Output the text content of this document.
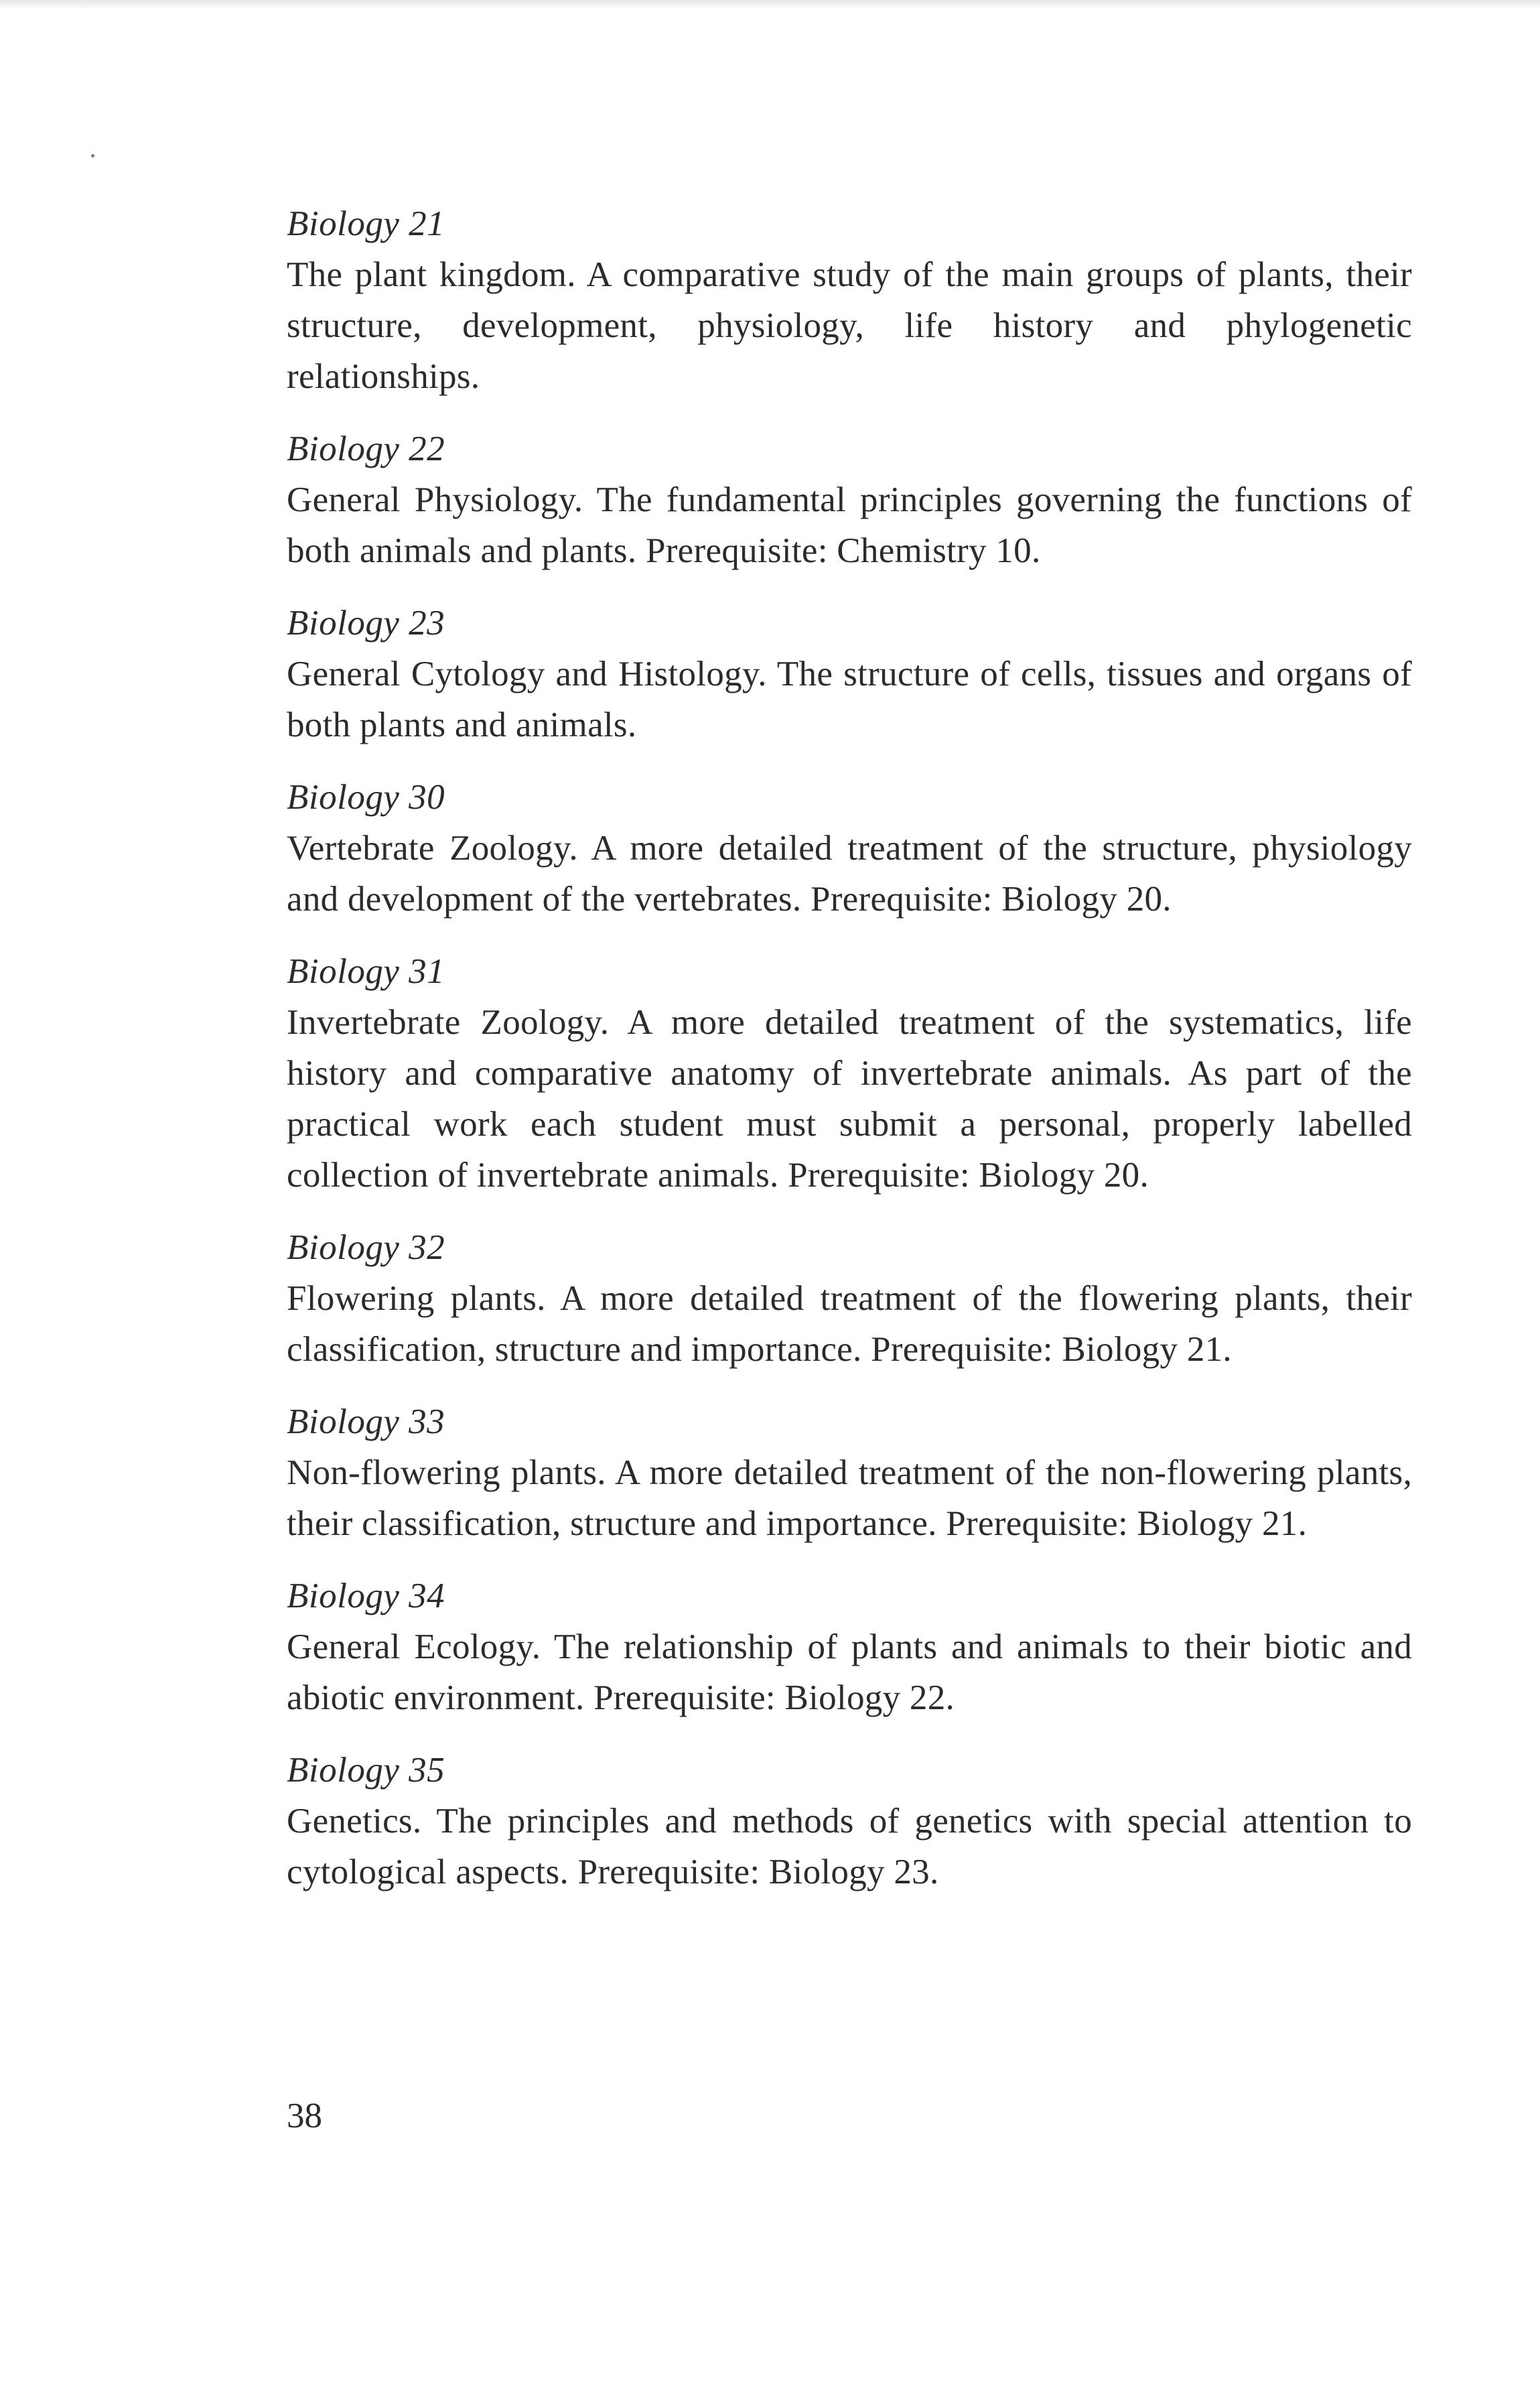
Biology 21

The plant kingdom. A comparative study of the main groups of plants, their structure, development, physiology, life history and phylogenetic relationships.

Biology 22

General Physiology. The fundamental principles governing the functions of both animals and plants. Prerequisite: Chemistry 10.

Biology 23

General Cytology and Histology. The structure of cells, tissues and organs of both plants and animals.

Biology 30

Vertebrate Zoology. A more detailed treatment of the structure, physiology and development of the vertebrates. Prerequisite: Biology 20.

Biology 31

Invertebrate Zoology. A more detailed treatment of the systematics, life history and comparative anatomy of invertebrate animals. As part of the practical work each student must submit a personal, properly labelled collection of invertebrate animals. Prerequisite: Biology 20.

Biology 32

Flowering plants. A more detailed treatment of the flowering plants, their classification, structure and importance. Prerequisite: Biology 21.

Biology 33

Non-flowering plants. A more detailed treatment of the non-flowering plants, their classification, structure and importance. Prerequisite: Biology 21.

Biology 34

General Ecology. The relationship of plants and animals to their biotic and abiotic environment. Prerequisite: Biology 22.

Biology 35

Genetics. The principles and methods of genetics with special attention to cytological aspects. Prerequisite: Biology 23.

38
